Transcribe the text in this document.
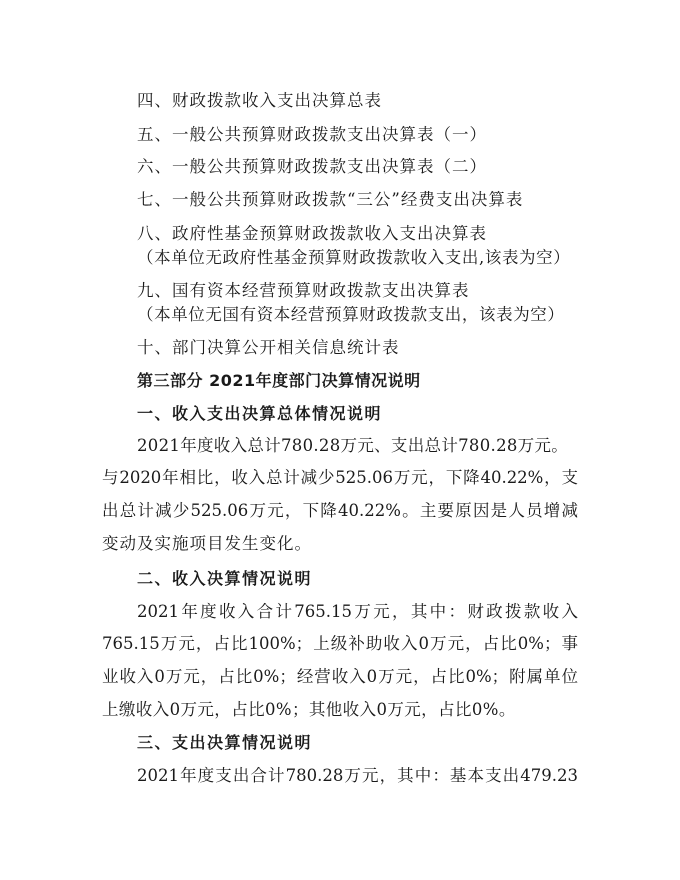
四、财政拨款收入支出决算总表
五、一般公共预算财政拨款支出决算表（一）
六、一般公共预算财政拨款支出决算表（二）
七、一般公共预算财政拨款“三公”经费支出决算表
八、政府性基金预算财政拨款收入支出决算表
（本单位无政府性基金预算财政拨款收入支出,该表为空）
九、国有资本经营预算财政拨款支出决算表
（本单位无国有资本经营预算财政拨款支出，该表为空）
十、部门决算公开相关信息统计表
第三部分 2021年度部门决算情况说明
一、收入支出决算总体情况说明
2021年度收入总计780.28万元、支出总计780.28万元。
与2020年相比，收入总计减少525.06万元，下降40.22%，支
出总计减少525.06万元，下降40.22%。主要原因是人员增减
变动及实施项目发生变化。
二、收入决算情况说明
2021年度收入合计765.15万元，其中：财政拨款收入
765.15万元，占比100%；上级补助收入0万元，占比0%；事
业收入0万元，占比0%；经营收入0万元，占比0%；附属单位
上缴收入0万元，占比0%；其他收入0万元，占比0%。
三、支出决算情况说明
2021年度支出合计780.28万元，其中：基本支出479.23
